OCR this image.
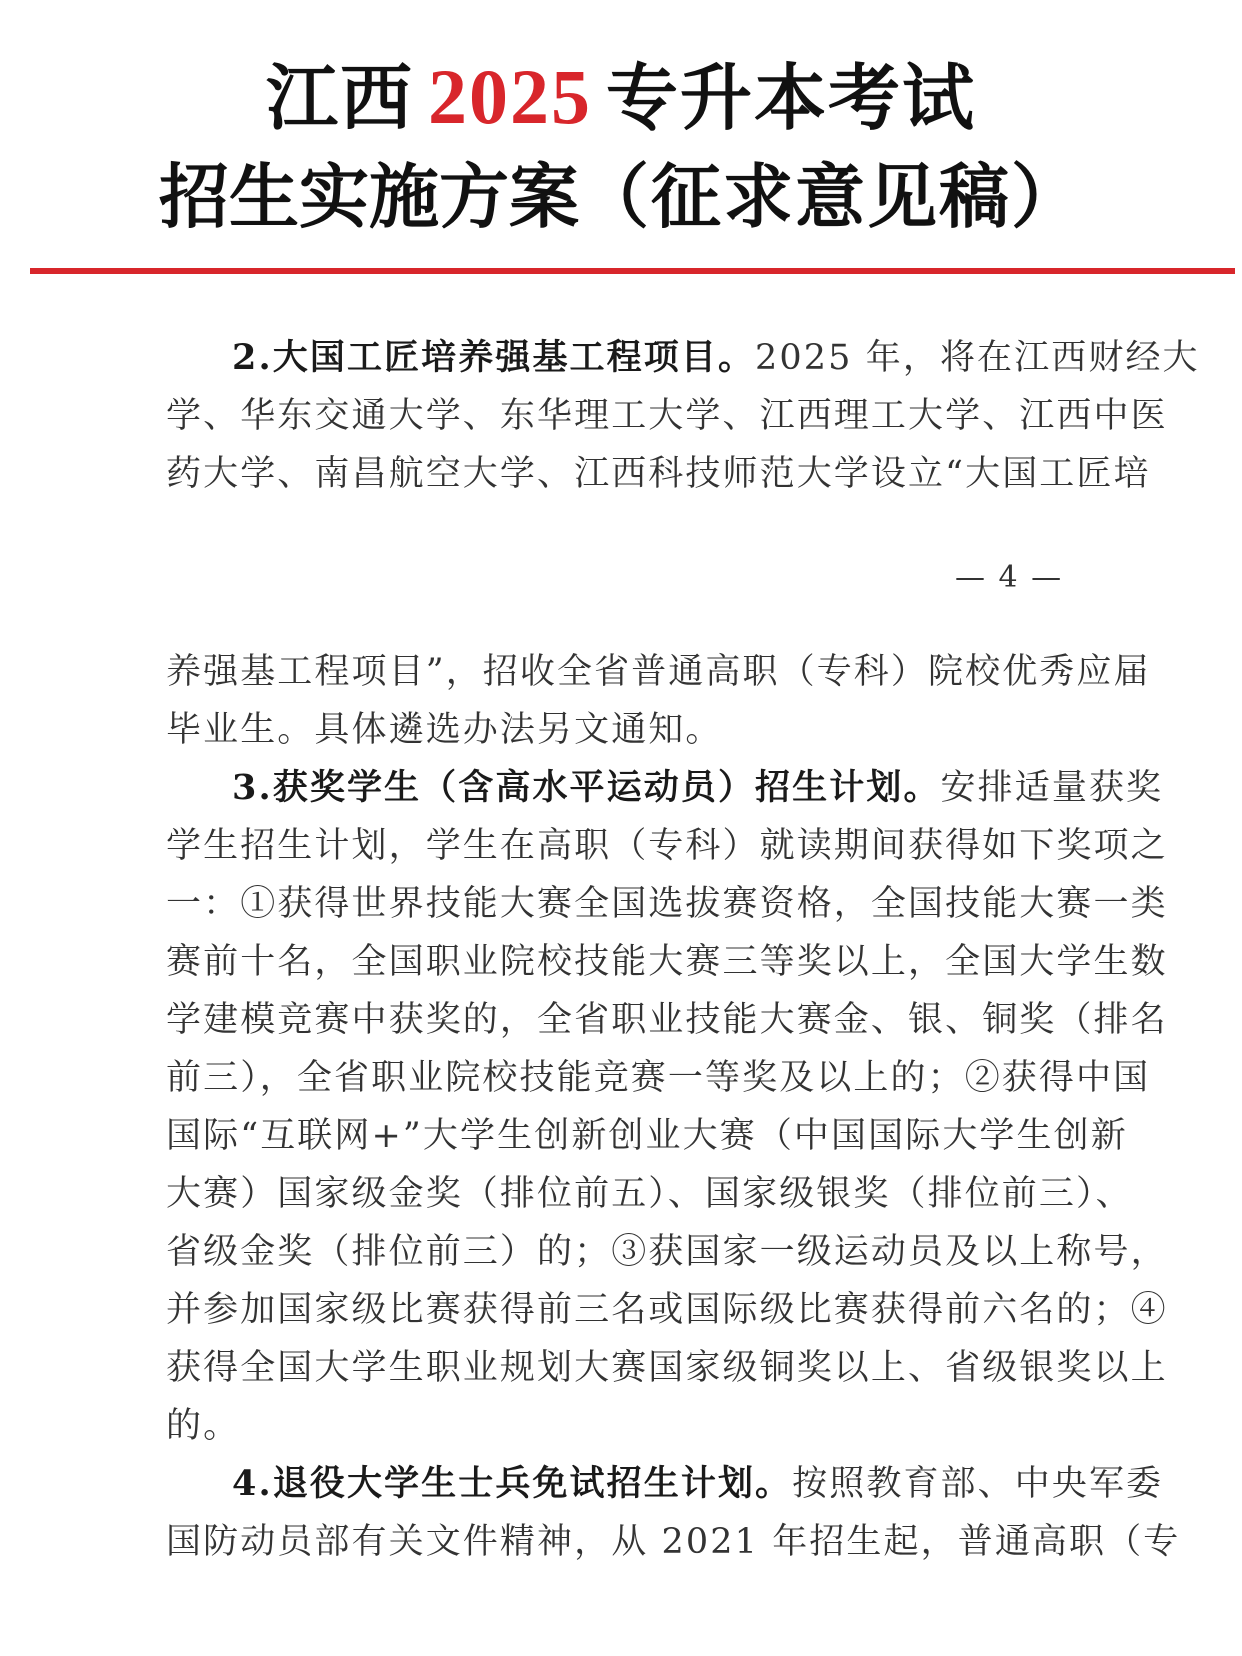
江西 2025 专升本考试
招生实施方案（征求意见稿）
2.大国工匠培养强基工程项目。2025 年，将在江西财经大
学、华东交通大学、东华理工大学、江西理工大学、江西中医
药大学、南昌航空大学、江西科技师范大学设立“大国工匠培
养强基工程项目”，招收全省普通高职（专科）院校优秀应届
毕业生。具体遴选办法另文通知。
3.获奖学生（含高水平运动员）招生计划。安排适量获奖
学生招生计划，学生在高职（专科）就读期间获得如下奖项之
一：①获得世界技能大赛全国选拔赛资格，全国技能大赛一类
赛前十名，全国职业院校技能大赛三等奖以上，全国大学生数
学建模竞赛中获奖的，全省职业技能大赛金、银、铜奖（排名
前三），全省职业院校技能竞赛一等奖及以上的；②获得中国
国际“互联网+”大学生创新创业大赛（中国国际大学生创新
大赛）国家级金奖（排位前五）、国家级银奖（排位前三）、
省级金奖（排位前三）的；③获国家一级运动员及以上称号，
并参加国家级比赛获得前三名或国际级比赛获得前六名的；④
获得全国大学生职业规划大赛国家级铜奖以上、省级银奖以上
的。
4.退役大学生士兵免试招生计划。按照教育部、中央军委
国防动员部有关文件精神，从 2021 年招生起，普通高职（专
— 4 —
